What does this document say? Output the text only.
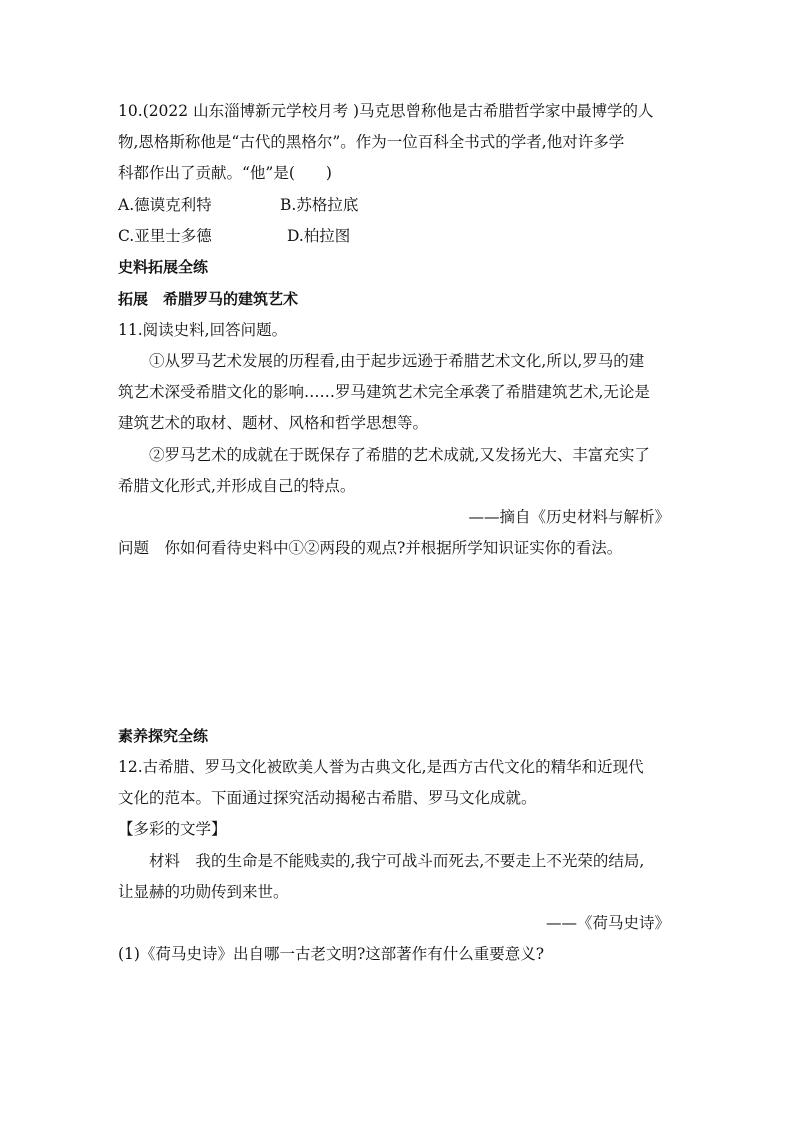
10.(2022 山东淄博新元学校月考 )马克思曾称他是古希腊哲学家中最博学的人
物,恩格斯称他是“古代的黑格尔”。作为一位百科全书式的学者,他对许多学
科都作出了贡献。“他”是(　　)
A.德谟克利特	B.苏格拉底
C.亚里士多德	D.柏拉图
史料拓展全练
拓展　希腊罗马的建筑艺术
11.阅读史料,回答问题。
①从罗马艺术发展的历程看,由于起步远逊于希腊艺术文化,所以,罗马的建
筑艺术深受希腊文化的影响……罗马建筑艺术完全承袭了希腊建筑艺术,无论是
建筑艺术的取材、题材、风格和哲学思想等。
②罗马艺术的成就在于既保存了希腊的艺术成就,又发扬光大、丰富充实了
希腊文化形式,并形成自己的特点。
——摘自《历史材料与解析》
问题　你如何看待史料中①②两段的观点?并根据所学知识证实你的看法。
素养探究全练
12.古希腊、罗马文化被欧美人誉为古典文化,是西方古代文化的精华和近现代
文化的范本。下面通过探究活动揭秘古希腊、罗马文化成就。
【多彩的文学】
材料　我的生命是不能贱卖的,我宁可战斗而死去,不要走上不光荣的结局,
让显赫的功勋传到来世。
——《荷马史诗》
(1)《荷马史诗》出自哪一古老文明?这部著作有什么重要意义?
